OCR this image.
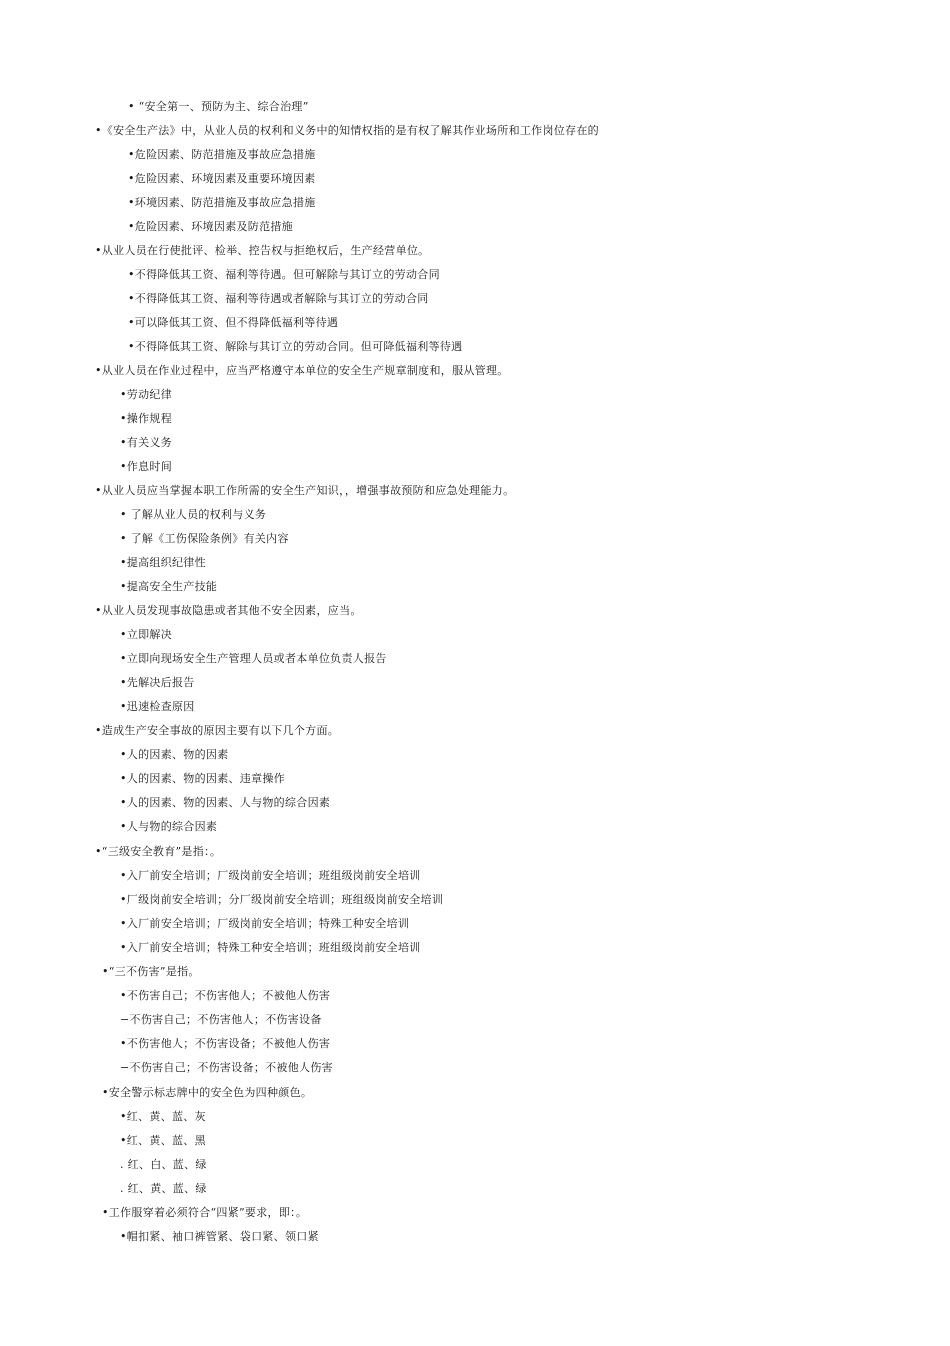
• “安全第一、预防为主、综合治理”
•《安全生产法》中，从业人员的权利和义务中的知情权指的是有权了解其作业场所和工作岗位存在的
•危险因素、防范措施及事故应急措施
•危险因素、环境因素及重要环境因素
•环境因素、防范措施及事故应急措施
•危险因素、环境因素及防范措施
•从业人员在行使批评、检举、控告权与拒绝权后，生产经营单位。
•不得降低其工资、福利等待遇。但可解除与其订立的劳动合同
•不得降低其工资、福利等待遇或者解除与其订立的劳动合同
•可以降低其工资、但不得降低福利等待遇
•不得降低其工资、解除与其订立的劳动合同。但可降低福利等待遇
•从业人员在作业过程中，应当严格遵守本单位的安全生产规章制度和，服从管理。
•劳动纪律
•操作规程
•有关义务
•作息时间
•从业人员应当掌握本职工作所需的安全生产知识，，增强事故预防和应急处理能力。
• 了解从业人员的权利与义务
• 了解《工伤保险条例》有关内容
•提高组织纪律性
•提高安全生产技能
•从业人员发现事故隐患或者其他不安全因素，应当。
•立即解决
•立即向现场安全生产管理人员或者本单位负责人报告
•先解决后报告
•迅速检查原因
•造成生产安全事故的原因主要有以下几个方面。
•人的因素、物的因素
•人的因素、物的因素、违章操作
•人的因素、物的因素、人与物的综合因素
•人与物的综合因素
•“三级安全教育”是指：。
•入厂前安全培训；厂级岗前安全培训；班组级岗前安全培训
•厂级岗前安全培训；分厂级岗前安全培训；班组级岗前安全培训
•入厂前安全培训；厂级岗前安全培训；特殊工种安全培训
•入厂前安全培训；特殊工种安全培训；班组级岗前安全培训
•“三不伤害”是指。
•不伤害自己；不伤害他人；不被他人伤害
−不伤害自己；不伤害他人；不伤害设备
•不伤害他人；不伤害设备；不被他人伤害
−不伤害自己；不伤害设备；不被他人伤害
•安全警示标志牌中的安全色为四种颜色。
•红、黄、蓝、灰
•红、黄、蓝、黑
. 红、白、蓝、绿
. 红、黄、蓝、绿
•工作服穿着必须符合“四紧”要求，即：。
•帽扣紧、袖口裤管紧、袋口紧、领口紧
